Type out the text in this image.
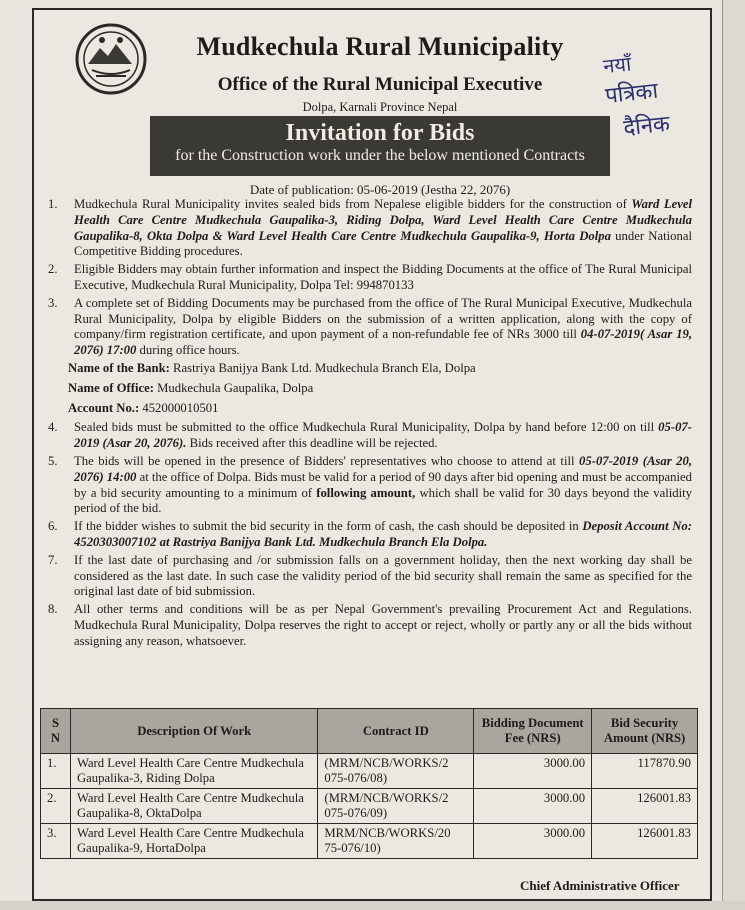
Mudkechula Rural Municipality
Office of the Rural Municipal Executive
Dolpa, Karnali Province Nepal
Invitation for Bids
for the Construction work under the below mentioned Contracts
नयाँ
पत्रिका
दैनिक
Date of publication: 05-06-2019 (Jestha 22, 2076)
1.	Mudkechula Rural Municipality invites sealed bids from Nepalese eligible bidders for the construction of Ward Level Health Care Centre Mudkechula Gaupalika-3, Riding Dolpa, Ward Level Health Care Centre Mudkechula Gaupalika-8, Okta Dolpa & Ward Level Health Care Centre Mudkechula Gaupalika-9, Horta Dolpa under National Competitive Bidding procedures.
2.	Eligible Bidders may obtain further information and inspect the Bidding Documents at the office of The Rural Municipal Executive, Mudkechula Rural Municipality, Dolpa Tel: 994870133
3.	A complete set of Bidding Documents may be purchased from the office of The Rural Municipal Executive, Mudkechula Rural Municipality, Dolpa by eligible Bidders on the submission of a written application, along with the copy of company/firm registration certificate, and upon payment of a non-refundable fee of NRs 3000 till 04-07-2019( Asar 19, 2076) 17:00 during office hours.
Name of the Bank: Rastriya Banijya Bank Ltd. Mudkechula Branch Ela, Dolpa
Name of Office: Mudkechula Gaupalika, Dolpa
Account No.: 452000010501
4.	Sealed bids must be submitted to the office Mudkechula Rural Municipality, Dolpa by hand before 12:00 on till 05-07-2019 (Asar 20, 2076). Bids received after this deadline will be rejected.
5.	The bids will be opened in the presence of Bidders' representatives who choose to attend at till 05-07-2019 (Asar 20, 2076) 14:00 at the office of Dolpa. Bids must be valid for a period of 90 days after bid opening and must be accompanied by a bid security amounting to a minimum of following amount, which shall be valid for 30 days beyond the validity period of the bid.
6.	If the bidder wishes to submit the bid security in the form of cash, the cash should be deposited in Deposit Account No: 4520303007102 at Rastriya Banijya Bank Ltd. Mudkechula Branch Ela Dolpa.
7.	If the last date of purchasing and /or submission falls on a government holiday, then the next working day shall be considered as the last date. In such case the validity period of the bid security shall remain the same as specified for the original last date of bid submission.
8.	All other terms and conditions will be as per Nepal Government's prevailing Procurement Act and Regulations. Mudkechula Rural Municipality, Dolpa reserves the right to accept or reject, wholly or partly any or all the bids without assigning any reason, whatsoever.
S N	Description Of Work	Contract ID	Bidding Document Fee (NRS)	Bid Security Amount (NRS)
1.	Ward Level Health Care Centre Mudkechula Gaupalika-3, Riding Dolpa	(MRM/NCB/WORKS/2 075-076/08)	3000.00	117870.90
2.	Ward Level Health Care Centre Mudkechula Gaupalika-8, OktaDolpa	(MRM/NCB/WORKS/2 075-076/09)	3000.00	126001.83
3.	Ward Level Health Care Centre Mudkechula Gaupalika-9, HortaDolpa	MRM/NCB/WORKS/20 75-076/10)	3000.00	126001.83
Chief Administrative Officer
